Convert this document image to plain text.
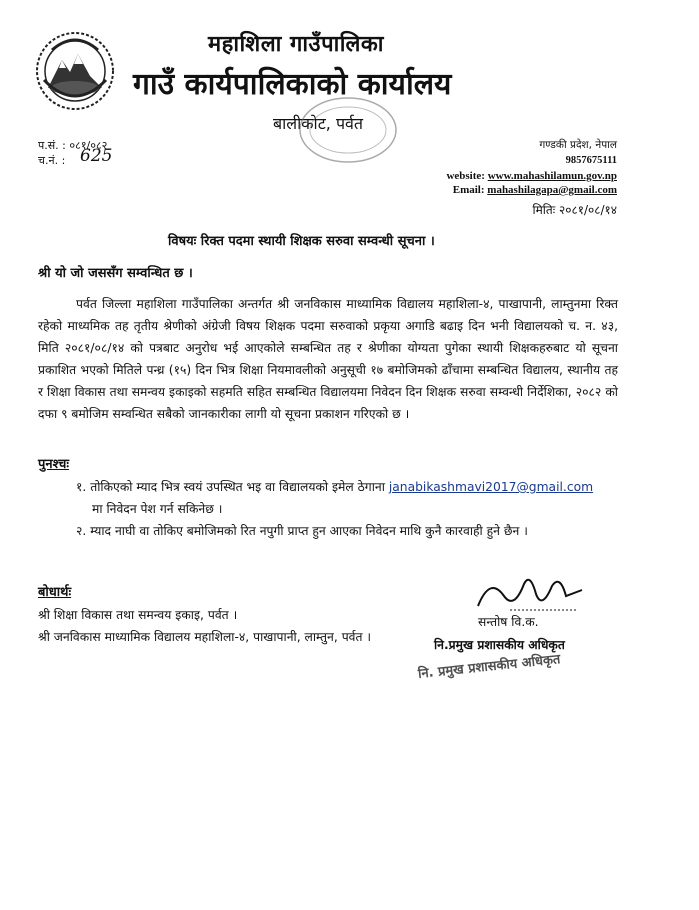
महाशिला गाउँपालिका
गाउँ कार्यपालिकाको कार्यालय
बालीकोट, पर्वत
प.सं. : ०८१/०८२
च.नं. : 625
गण्डकी प्रदेश, नेपाल
9857675111
website: www.mahashilamun.gov.np
Email: mahashilagapa@gmail.com
मितिः २०८१/०८/१४
विषयः रिक्त पदमा स्थायी शिक्षक सरुवा सम्वन्धी सूचना ।
श्री यो जो जससँग सम्वन्धित छ ।
पर्वत जिल्ला महाशिला गाउँपालिका अन्तर्गत श्री जनविकास माध्यामिक विद्यालय महाशिला-४, पाखापानी, लाम्तुनमा रिक्त रहेको माध्यमिक तह तृतीय श्रेणीको अंग्रेजी विषय शिक्षक पदमा सरुवाको प्रकृया अगाडि बढाइ दिन भनी विद्यालयको च. न. ४३, मिति २०८१/०८/१४ को पत्रबाट अनुरोध भई आएकोले सम्बन्धित तह र श्रेणीका योग्यता पुगेका स्थायी शिक्षकहरुबाट यो सूचना प्रकाशित भएको मितिले पन्ध्र (१५) दिन भित्र शिक्षा नियमावलीको अनुसूची १७ बमोजिमको ढाँचामा सम्बन्धित विद्यालय, स्थानीय तह र शिक्षा विकास तथा समन्वय इकाइको सहमति सहित सम्बन्धित विद्यालयमा निवेदन दिन शिक्षक सरुवा सम्वन्धी निर्देशिका, २०८२ को दफा ९ बमोजिम सम्वन्धित सबैको जानकारीका लागी यो सूचना प्रकाशन गरिएको छ ।
पुनश्चः
१. तोकिएको म्याद भित्र स्वयं उपस्थित भइ वा विद्यालयको इमेल ठेगाना janabikashmavi2017@gmail.com
मा निवेदन पेश गर्न सकिनेछ ।
२. म्याद नाघी वा तोकिए बमोजिमको रित नपुगी प्राप्त हुन आएका निवेदन माथि कुनै कारवाही हुने छैन ।
बोधार्थः
श्री शिक्षा विकास तथा समन्वय इकाइ, पर्वत ।
श्री जनविकास माध्यामिक विद्यालय महाशिला-४, पाखापानी, लाम्तुन, पर्वत ।
सन्तोष वि.क.
नि.प्रमुख प्रशासकीय अधिकृत
नि. प्रमुख प्रशासकीय अधिकृत
